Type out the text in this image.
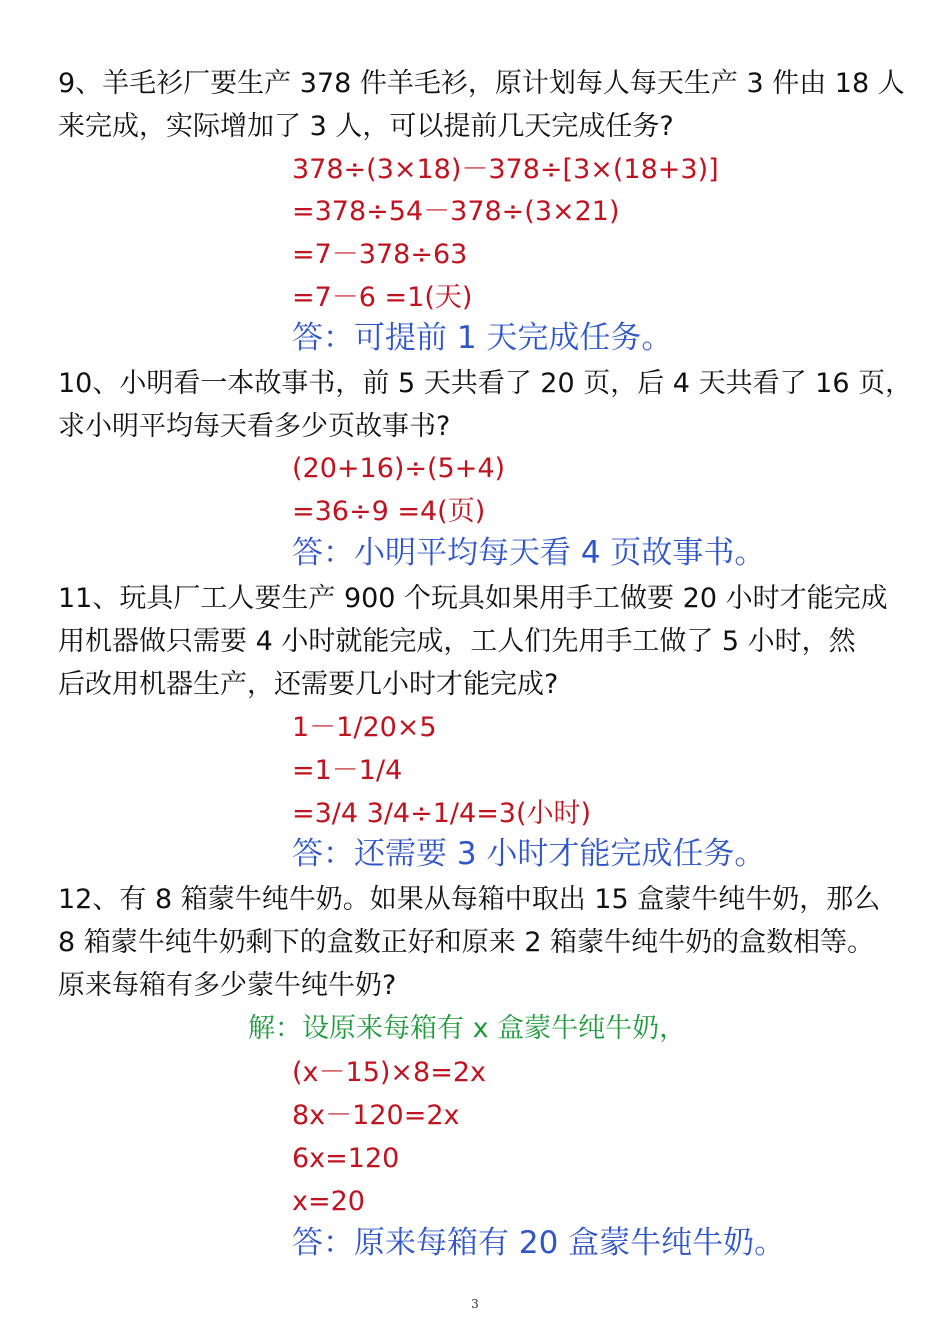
9、羊毛衫厂要生产 378 件羊毛衫，原计划每人每天生产 3 件由 18 人
来完成，实际增加了 3 人，可以提前几天完成任务?
378÷(3×18)－378÷[3×(18+3)]
=378÷54－378÷(3×21)
=7－378÷63
=7－6 =1(天)
答：可提前 1 天完成任务。
10、小明看一本故事书，前 5 天共看了 20 页，后 4 天共看了 16 页，
求小明平均每天看多少页故事书?
(20+16)÷(5+4)
=36÷9 =4(页)
答：小明平均每天看 4 页故事书。
11、玩具厂工人要生产 900 个玩具如果用手工做要 20 小时才能完成
用机器做只需要 4 小时就能完成，工人们先用手工做了 5 小时，然
后改用机器生产，还需要几小时才能完成?
1－1/20×5
=1－1/4
=3/4 3/4÷1/4=3(小时)
答：还需要 3 小时才能完成任务。
12、有 8 箱蒙牛纯牛奶。如果从每箱中取出 15 盒蒙牛纯牛奶，那么
8 箱蒙牛纯牛奶剩下的盒数正好和原来 2 箱蒙牛纯牛奶的盒数相等。
原来每箱有多少蒙牛纯牛奶?
解：设原来每箱有 x 盒蒙牛纯牛奶，
(x－15)×8=2x
8x－120=2x
6x=120
x=20
答：原来每箱有 20 盒蒙牛纯牛奶。
3
